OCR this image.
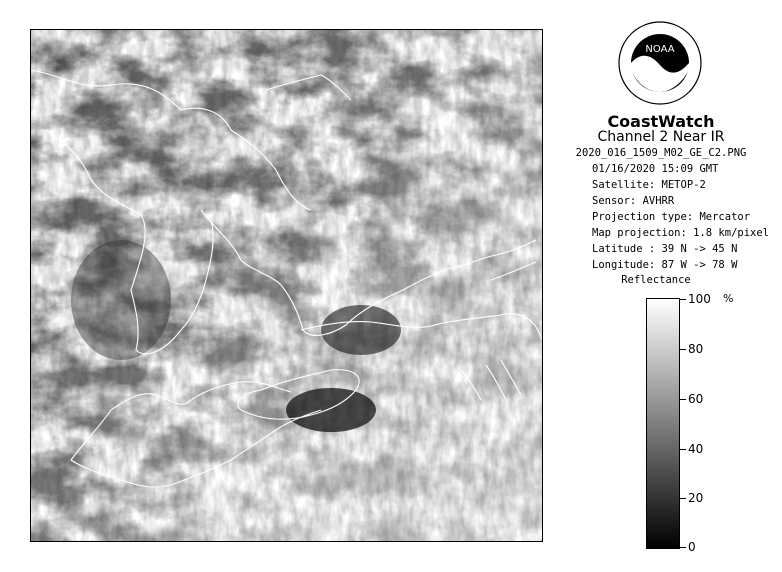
NOAA
CoastWatch
Channel 2 Near IR
2020_016_1509_M02_GE_C2.PNG
01/16/2020 15:09 GMT
Satellite: METOP-2
Sensor: AVHRR
Projection type: Mercator
Map projection: 1.8 km/pixel
Latitude : 39 N -> 45 N
Longitude: 87 W -> 78 W
Reflectance
%
100
80
60
40
20
0
